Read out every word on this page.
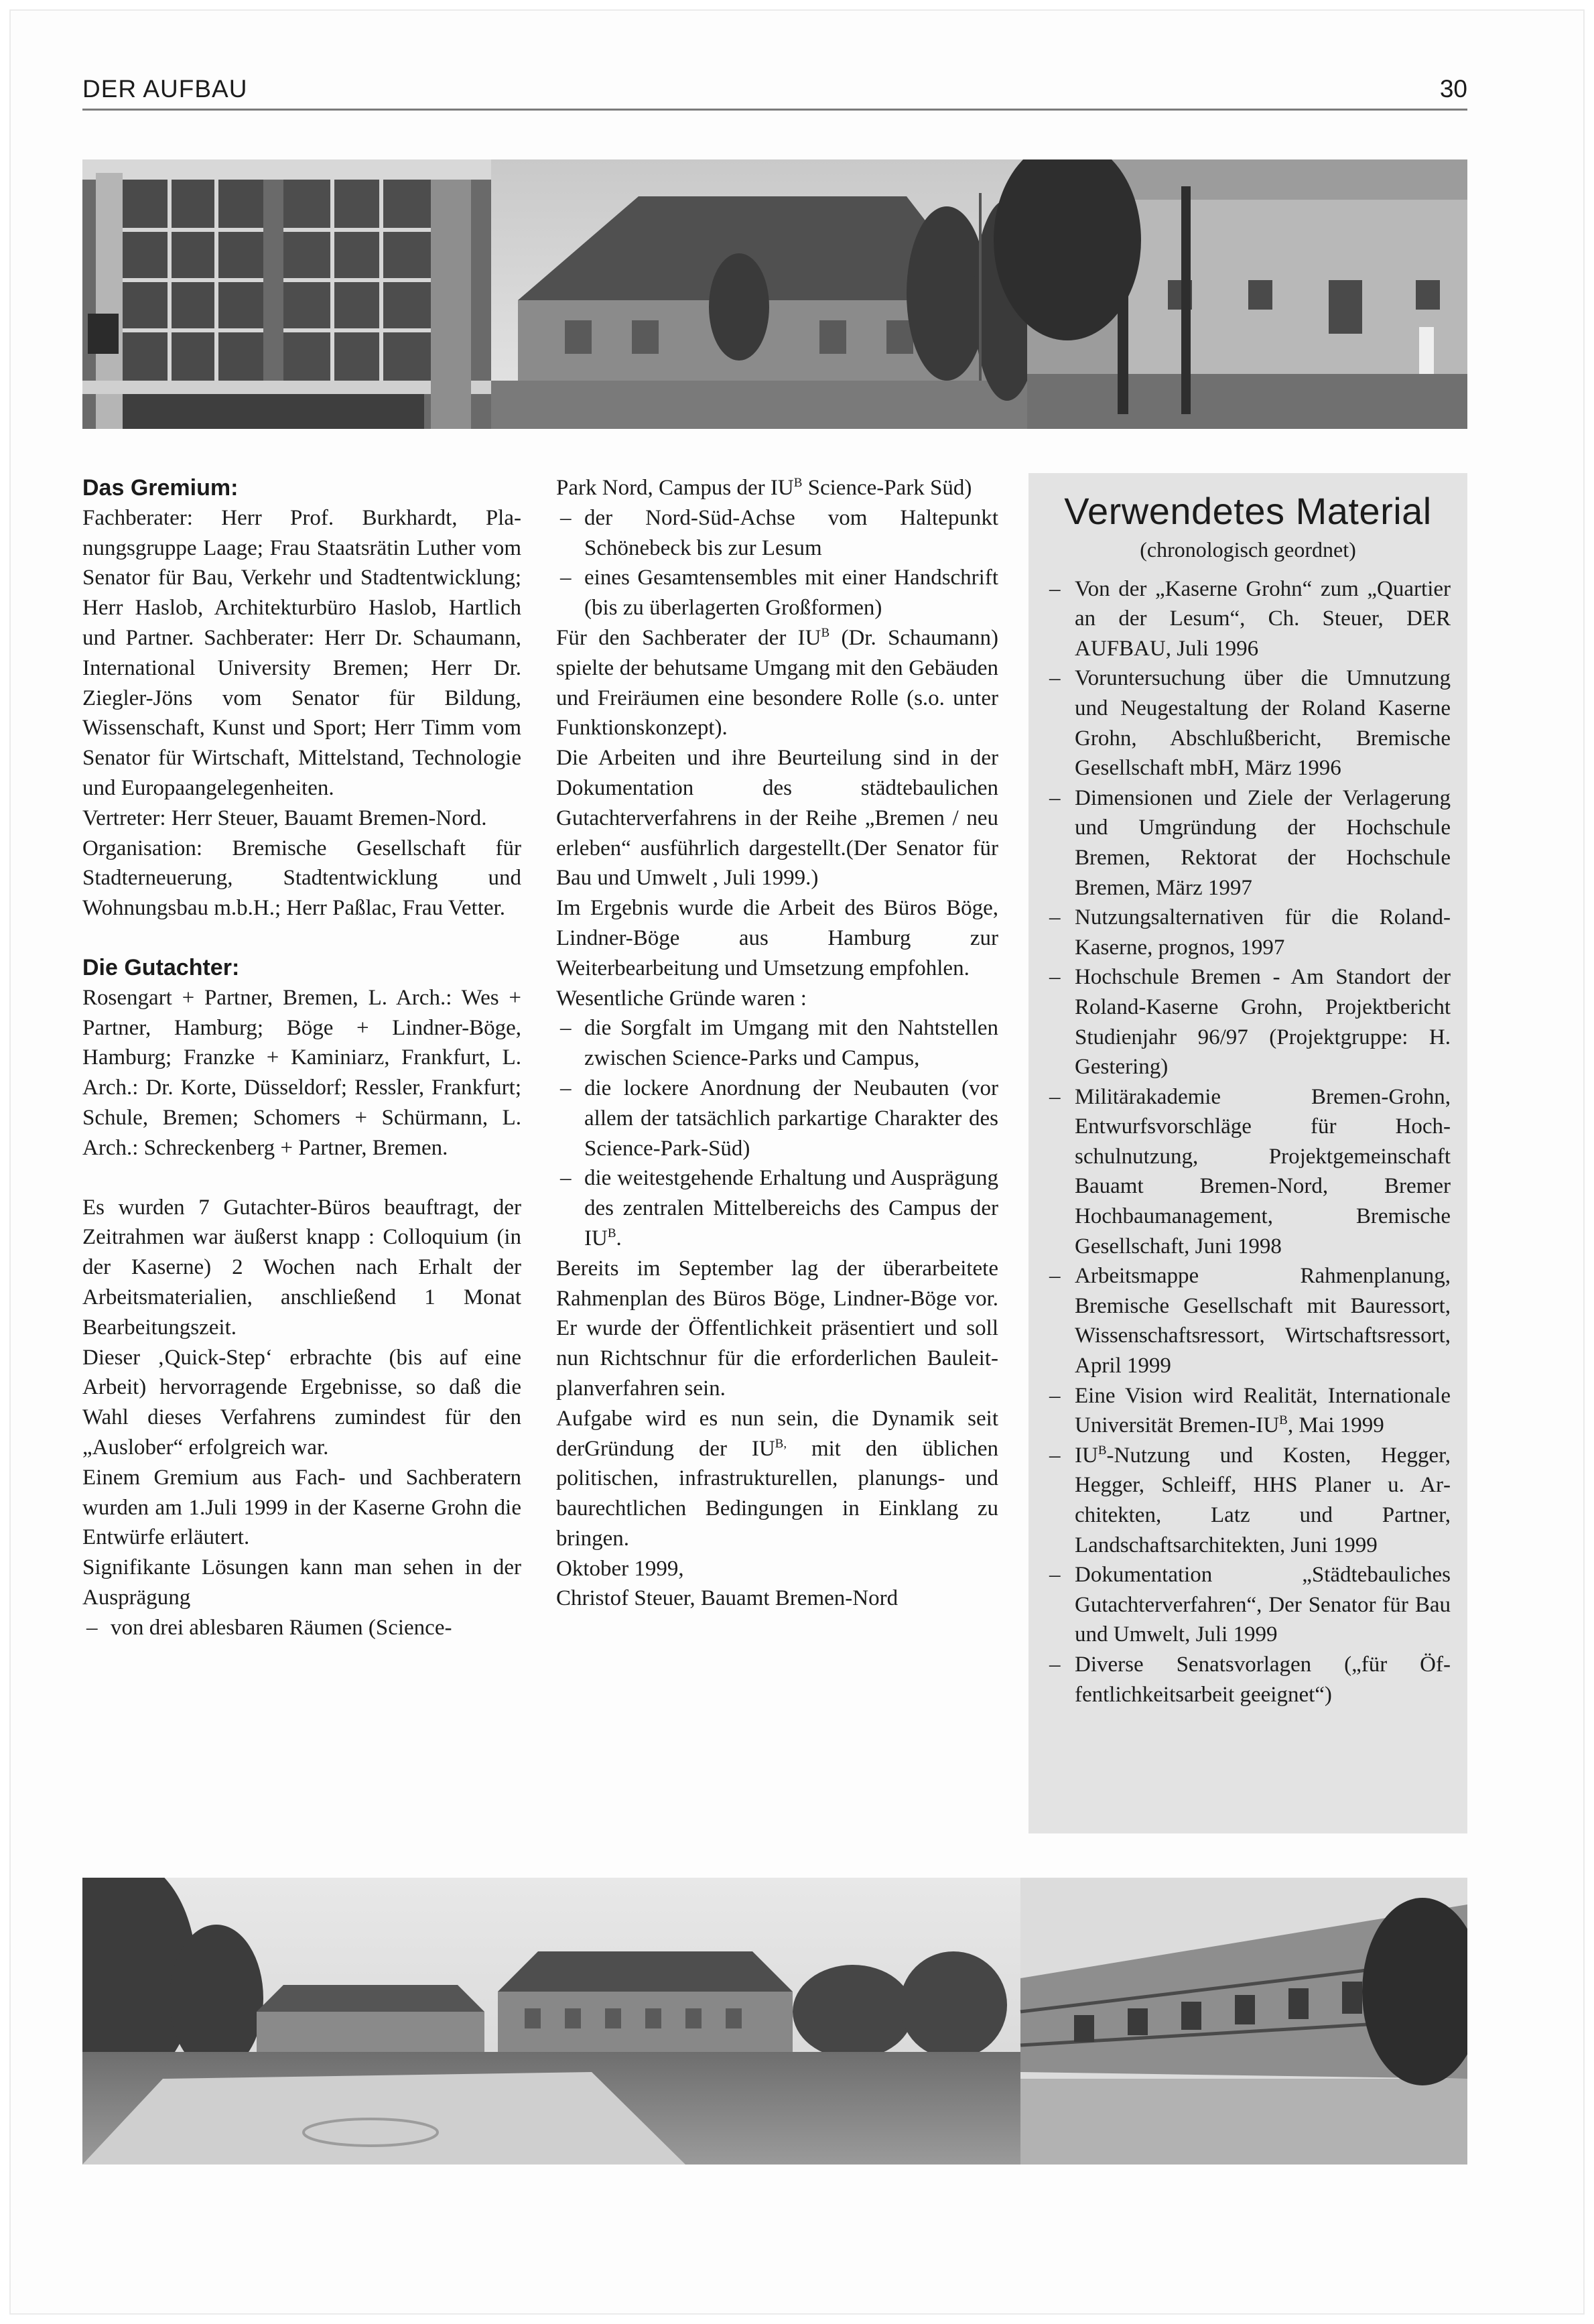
DER AUFBAU	30
Das Gremium:

Fachberater: Herr Prof. Burkhardt, Planungsgruppe Laage; Frau Staatsrätin Luther vom Senator für Bau, Verkehr und Stadtentwicklung; Herr Haslob, Architekturbüro Haslob, Hartlich und Partner. Sachberater: Herr Dr. Schaumann, International University Bremen; Herr Dr. Ziegler-Jöns vom Senator für Bildung, Wissenschaft, Kunst und Sport; Herr Timm vom Senator für Wirtschaft, Mittelstand, Technologie und Europaangelegenheiten.

Vertreter: Herr Steuer, Bauamt Bremen-Nord.

Organisation: Bremische Gesellschaft für Stadterneuerung, Stadtentwicklung und Wohnungsbau m.b.H.; Herr Paßlac, Frau Vetter.

Die Gutachter:

Rosengart + Partner, Bremen, L. Arch.: Wes + Partner, Hamburg; Böge + Lindner-Böge, Hamburg; Franzke + Kaminiarz, Frankfurt, L. Arch.: Dr. Korte, Düsseldorf; Ressler, Frankfurt; Schule, Bremen; Schomers + Schürmann, L. Arch.: Schreckenberg + Partner, Bremen.

Es wurden 7 Gutachter-Büros beauftragt, der Zeitrahmen war äußerst knapp : Colloquium (in der Kaserne) 2 Wochen nach Erhalt der Arbeitsmaterialien, anschließend 1 Monat Bearbeitungszeit.

Dieser ‚Quick-Step‘ erbrachte (bis auf eine Arbeit) hervorragende Ergebnisse, so daß die Wahl dieses Verfahrens zumindest für den „Auslober“ erfolgreich war.

Einem Gremium aus Fach- und Sachberatern wurden am 1.Juli 1999 in der Kaserne Grohn die Entwürfe erläutert.

Signifikante Lösungen kann man sehen in der Ausprägung

– von drei ablesbaren Räumen (Science-

Park Nord, Campus der $IU^B$ Science-Park Süd)

– der Nord-Süd-Achse vom Haltepunkt Schönebeck bis zur Lesum
– eines Gesamtensembles mit einer Handschrift (bis zu überlagerten Großformen)

Für den Sachberater der $IU^B$ (Dr. Schaumann) spielte der behutsame Umgang mit den Gebäuden und Freiräumen eine besondere Rolle (s.o. unter Funktionskonzept).

Die Arbeiten und ihre Beurteilung sind in der Dokumentation des städtebaulichen Gutachterverfahrens in der Reihe „Bremen / neu erleben“ ausführlich dargestellt.(Der Senator für Bau und Umwelt , Juli 1999.)

Im Ergebnis wurde die Arbeit des Büros Böge, Lindner-Böge aus Hamburg zur Weiterbearbeitung und Umsetzung empfohlen.

Wesentliche Gründe waren :

– die Sorgfalt im Umgang mit den Nahtstellen zwischen Science-Parks und Campus,
– die lockere Anordnung der Neubauten (vor allem der tatsächlich parkartige Charakter des Science-Park-Süd)
– die weitestgehende Erhaltung und Ausprägung des zentralen Mittelbereichs des Campus der $IU^B$.

Bereits im September lag der überarbeitete Rahmenplan des Büros Böge, Lindner-Böge vor. Er wurde der Öffentlichkeit präsentiert und soll nun Richtschnur für die erforderlichen Bauleitplanverfahren sein.

Aufgabe wird es nun sein, die Dynamik seit derGründung der $IU^{B,}$ mit den üblichen politischen, infrastrukturellen, planungs- und baurechtlichen Bedingungen in Einklang zu bringen.

Oktober 1999,

Christof Steuer, Bauamt Bremen-Nord

Verwendetes Material

(chronologisch geordnet)

– Von der „Kaserne Grohn“ zum „Quartier an der Lesum“, Ch. Steuer, DER AUFBAU, Juli 1996
– Voruntersuchung über die Umnutzung und Neugestaltung der Roland Kaserne Grohn, Abschlußbericht, Bremische Gesellschaft mbH, März 1996
– Dimensionen und Ziele der Verlagerung und Umgründung der Hochschule Bremen, Rektorat der Hochschule Bremen, März 1997
– Nutzungsalternativen für die Roland-Kaserne, prognos, 1997
– Hochschule Bremen - Am Standort der Roland-Kaserne Grohn, Projektbericht Studienjahr 96/97 (Projektgruppe: H. Gestering)
– Militärakademie Bremen-Grohn, Entwurfsvorschläge für Hochschulnutzung, Projektgemeinschaft Bauamt Bremen-Nord, Bremer Hochbaumanagement, Bremische Gesellschaft, Juni 1998
– Arbeitsmappe Rahmenplanung, Bremische Gesellschaft mit Bauressort, Wissenschaftsressort, Wirtschaftsressort, April 1999
– Eine Vision wird Realität, Internationale Universität Bremen-$IU^B$, Mai 1999
– $IU^B$-Nutzung und Kosten, Hegger, Hegger, Schleiff, HHS Planer u. Architekten, Latz und Partner, Landschaftsarchitekten, Juni 1999
– Dokumentation „Städtebauliches Gutachterverfahren“, Der Senator für Bau und Umwelt, Juli 1999
– Diverse Senatsvorlagen („für Öffentlichkeitsarbeit geeignet“)
